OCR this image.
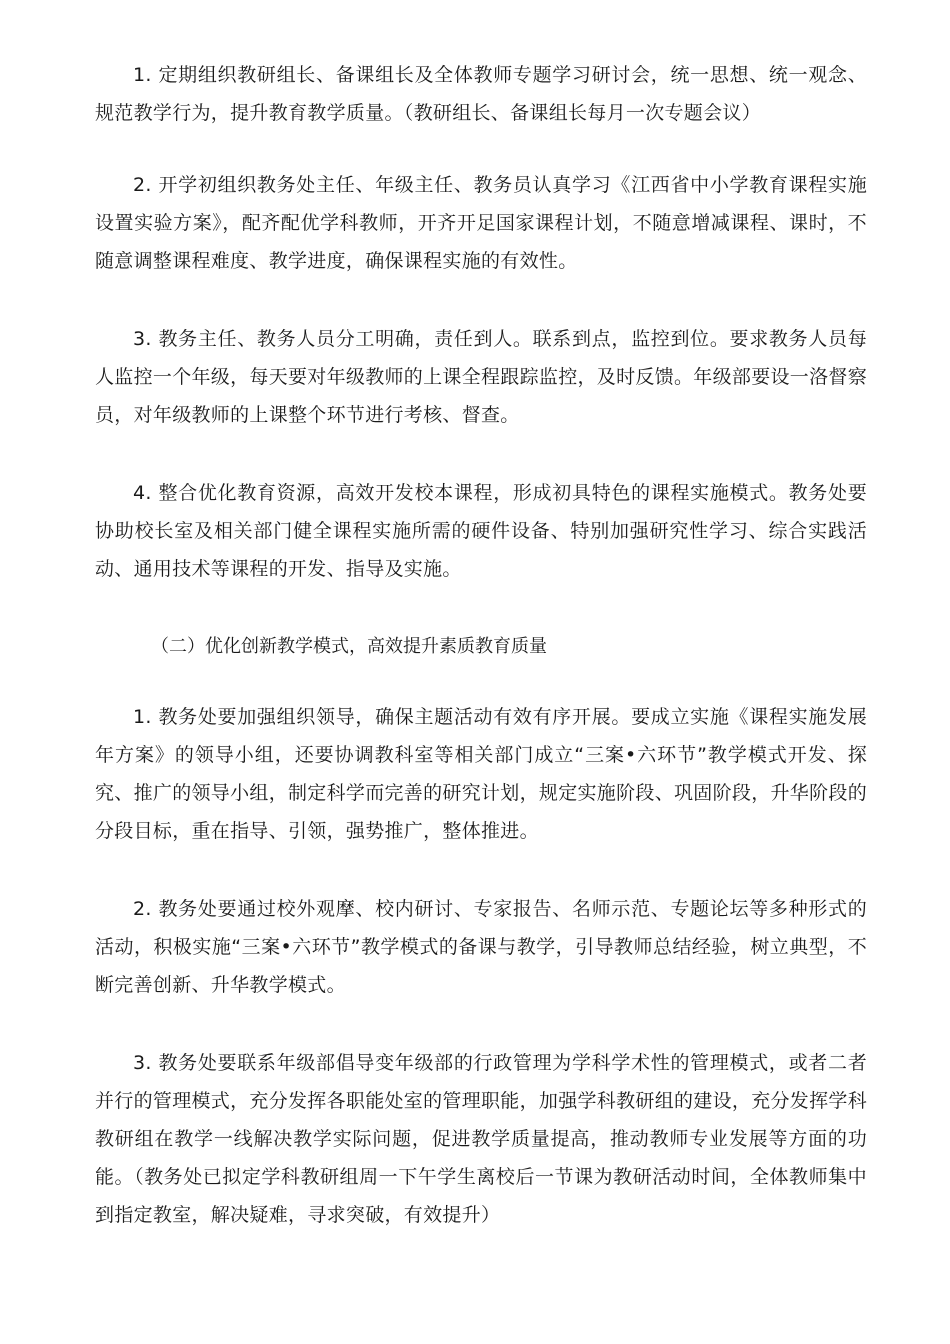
1. 定期组织教研组长、备课组长及全体教师专题学习研讨会，统一思想、统一观念、规范教学行为，提升教育教学质量。（教研组长、备课组长每月一次专题会议）

2. 开学初组织教务处主任、年级主任、教务员认真学习《江西省中小学教育课程实施设置实验方案》，配齐配优学科教师，开齐开足国家课程计划，不随意增减课程、课时，不随意调整课程难度、教学进度，确保课程实施的有效性。

3. 教务主任、教务人员分工明确，责任到人。联系到点，监控到位。要求教务人员每人监控一个年级，每天要对年级教师的上课全程跟踪监控，及时反馈。年级部要设一洛督察员，对年级教师的上课整个环节进行考核、督查。

4. 整合优化教育资源，高效开发校本课程，形成初具特色的课程实施模式。教务处要协助校长室及相关部门健全课程实施所需的硬件设备、特别加强研究性学习、综合实践活动、通用技术等课程的开发、指导及实施。

（二）优化创新教学模式，高效提升素质教育质量

1. 教务处要加强组织领导，确保主题活动有效有序开展。要成立实施《课程实施发展年方案》的领导小组，还要协调教科室等相关部门成立“三案•六环节”教学模式开发、探究、推广的领导小组，制定科学而完善的研究计划，规定实施阶段、巩固阶段，升华阶段的分段目标，重在指导、引领，强势推广，整体推进。

2. 教务处要通过校外观摩、校内研讨、专家报告、名师示范、专题论坛等多种形式的活动，积极实施“三案•六环节”教学模式的备课与教学，引导教师总结经验，树立典型，不断完善创新、升华教学模式。

3. 教务处要联系年级部倡导变年级部的行政管理为学科学术性的管理模式，或者二者并行的管理模式，充分发挥各职能处室的管理职能，加强学科教研组的建设，充分发挥学科教研组在教学一线解决教学实际问题，促进教学质量提高，推动教师专业发展等方面的功能。（教务处已拟定学科教研组周一下午学生离校后一节课为教研活动时间，全体教师集中到指定教室，解决疑难，寻求突破，有效提升）
